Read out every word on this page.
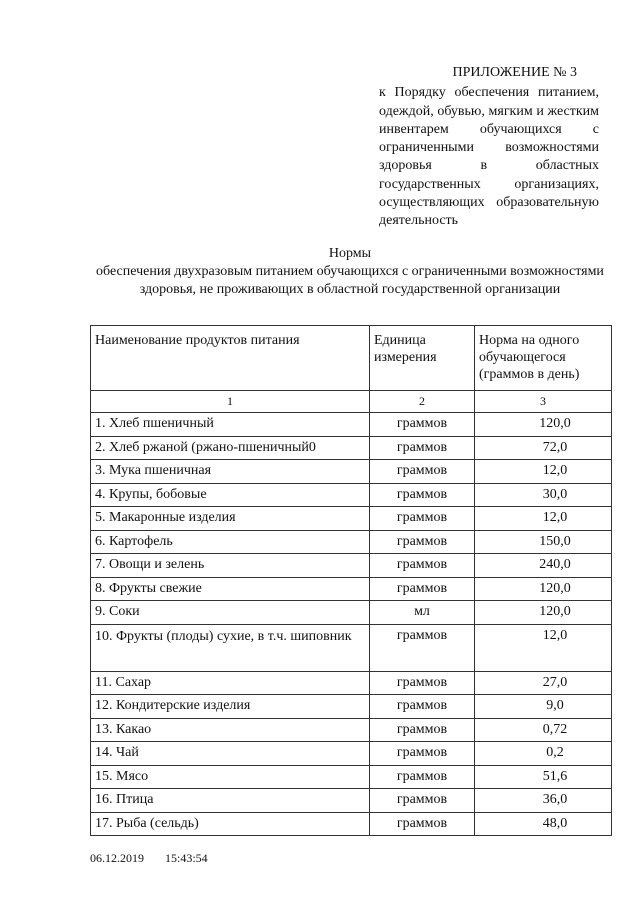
ПРИЛОЖЕНИЕ № 3
к Порядку обеспечения питанием, одеждой, обувью, мягким и жестким инвентарем обучающихся с ограниченными возможностями здоровья в областных государственных организациях, осуществляющих образовательную деятельность
Нормы
обеспечения двухразовым питанием обучающихся с ограниченными возможностями здоровья, не проживающих в областной государственной организации
Наименование продуктов питания	Единица измерения	Норма на одного обучающегося (граммов в день)
1	2	3
1. Хлеб пшеничный	граммов	120,0
2. Хлеб ржаной (ржано-пшеничный0	граммов	72,0
3. Мука пшеничная	граммов	12,0
4. Крупы, бобовые	граммов	30,0
5. Макаронные изделия	граммов	12,0
6. Картофель	граммов	150,0
7. Овощи и зелень	граммов	240,0
8. Фрукты свежие	граммов	120,0
9. Соки	мл	120,0
10. Фрукты (плоды) сухие, в т.ч. шиповник	граммов	12,0
11. Сахар	граммов	27,0
12. Кондитерские изделия	граммов	9,0
13. Какао	граммов	0,72
14. Чай	граммов	0,2
15. Мясо	граммов	51,6
16. Птица	граммов	36,0
17. Рыба (сельдь)	граммов	48,0
06.12.2019 15:43:54
